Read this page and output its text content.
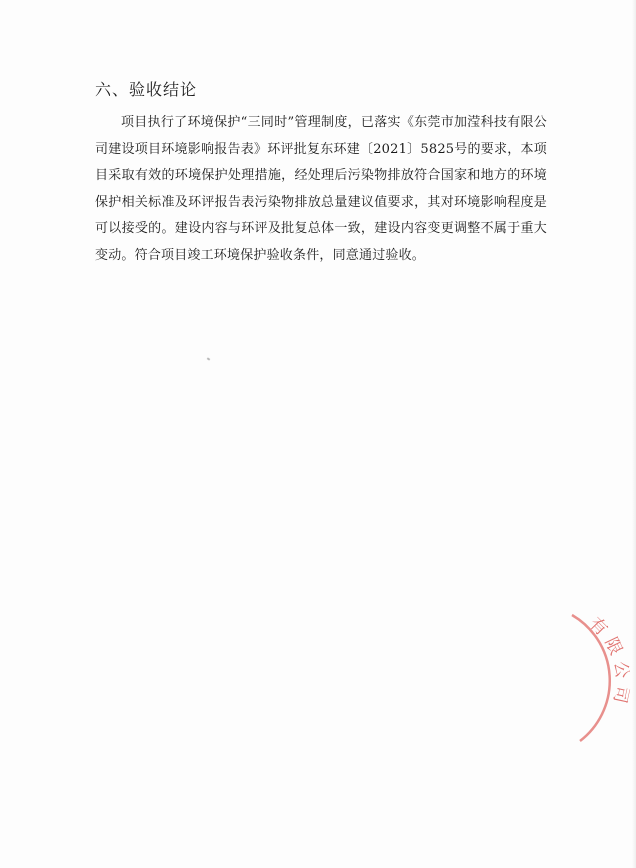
六、验收结论

项目执行了环境保护“三同时”管理制度，已落实《东莞市加滢科技有限公司建设项目环境影响报告表》环评批复东环建〔2021〕5825号的要求，本项目采取有效的环境保护处理措施，经处理后污染物排放符合国家和地方的环境保护相关标准及环评报告表污染物排放总量建议值要求，其对环境影响程度是可以接受的。建设内容与环评及批复总体一致，建设内容变更调整不属于重大变动。符合项目竣工环境保护验收条件，同意通过验收。

有限公司
